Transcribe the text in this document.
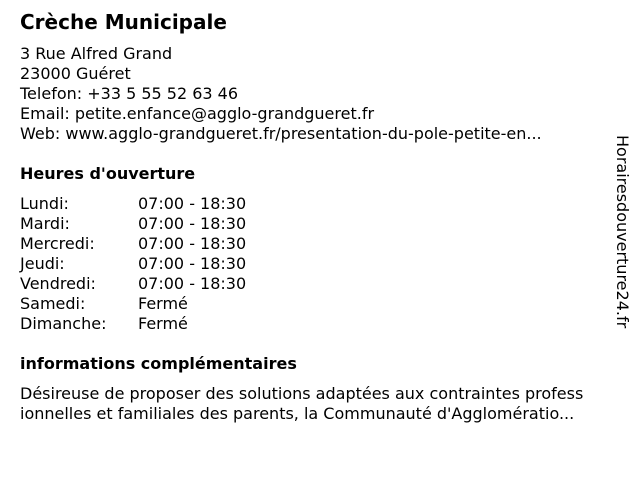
Crèche Municipale
3 Rue Alfred Grand
23000 Guéret
Telefon: +33 5 55 52 63 46
Email: petite.enfance@agglo-grandgueret.fr
Web: www.agglo-grandgueret.fr/presentation-du-pole-petite-en...
Heures d'ouverture
Lundi:	07:00 - 18:30
Mardi:	07:00 - 18:30
Mercredi:	07:00 - 18:30
Jeudi:	07:00 - 18:30
Vendredi:	07:00 - 18:30
Samedi:	Fermé
Dimanche:	Fermé
informations complémentaires
Désireuse de proposer des solutions adaptées aux contraintes profess
ionnelles et familiales des parents, la Communauté d'Agglomératio...
Horairesdouverture24.fr
